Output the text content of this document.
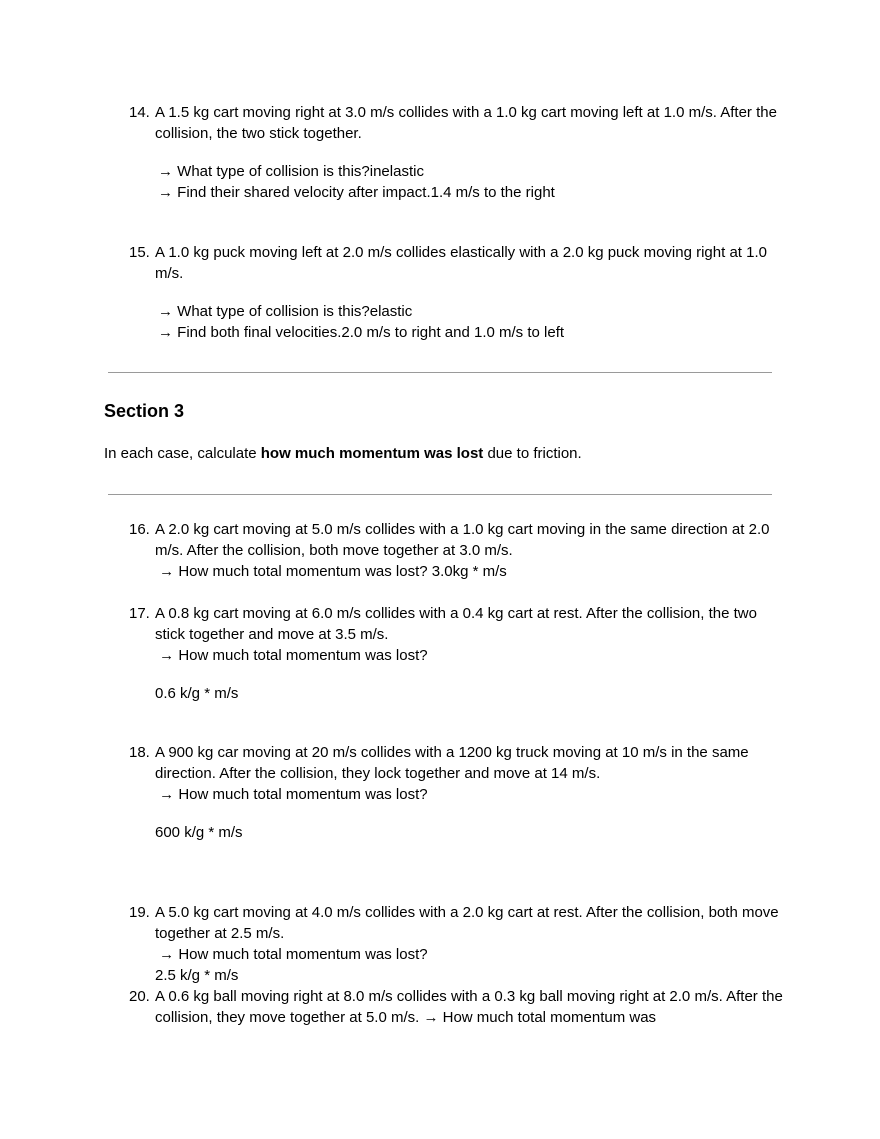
14. A 1.5 kg cart moving right at 3.0 m/s collides with a 1.0 kg cart moving left at 1.0 m/s. After the collision, the two stick together.
→ What type of collision is this?inelastic
→ Find their shared velocity after impact.1.4 m/s to the right
15. A 1.0 kg puck moving left at 2.0 m/s collides elastically with a 2.0 kg puck moving right at 1.0 m/s.
→ What type of collision is this?elastic
→ Find both final velocities.2.0 m/s to right and 1.0 m/s to left
Section 3
In each case, calculate how much momentum was lost due to friction.
16. A 2.0 kg cart moving at 5.0 m/s collides with a 1.0 kg cart moving in the same direction at 2.0 m/s. After the collision, both move together at 3.0 m/s.
→ How much total momentum was lost? 3.0kg * m/s
17. A 0.8 kg cart moving at 6.0 m/s collides with a 0.4 kg cart at rest. After the collision, the two stick together and move at 3.5 m/s.
→ How much total momentum was lost?
0.6 k/g * m/s
18. A 900 kg car moving at 20 m/s collides with a 1200 kg truck moving at 10 m/s in the same direction. After the collision, they lock together and move at 14 m/s.
→ How much total momentum was lost?
600 k/g * m/s
19. A 5.0 kg cart moving at 4.0 m/s collides with a 2.0 kg cart at rest. After the collision, both move together at 2.5 m/s.
→ How much total momentum was lost?
2.5 k/g * m/s
20. A 0.6 kg ball moving right at 8.0 m/s collides with a 0.3 kg ball moving right at 2.0 m/s. After the collision, they move together at 5.0 m/s. → How much total momentum was
